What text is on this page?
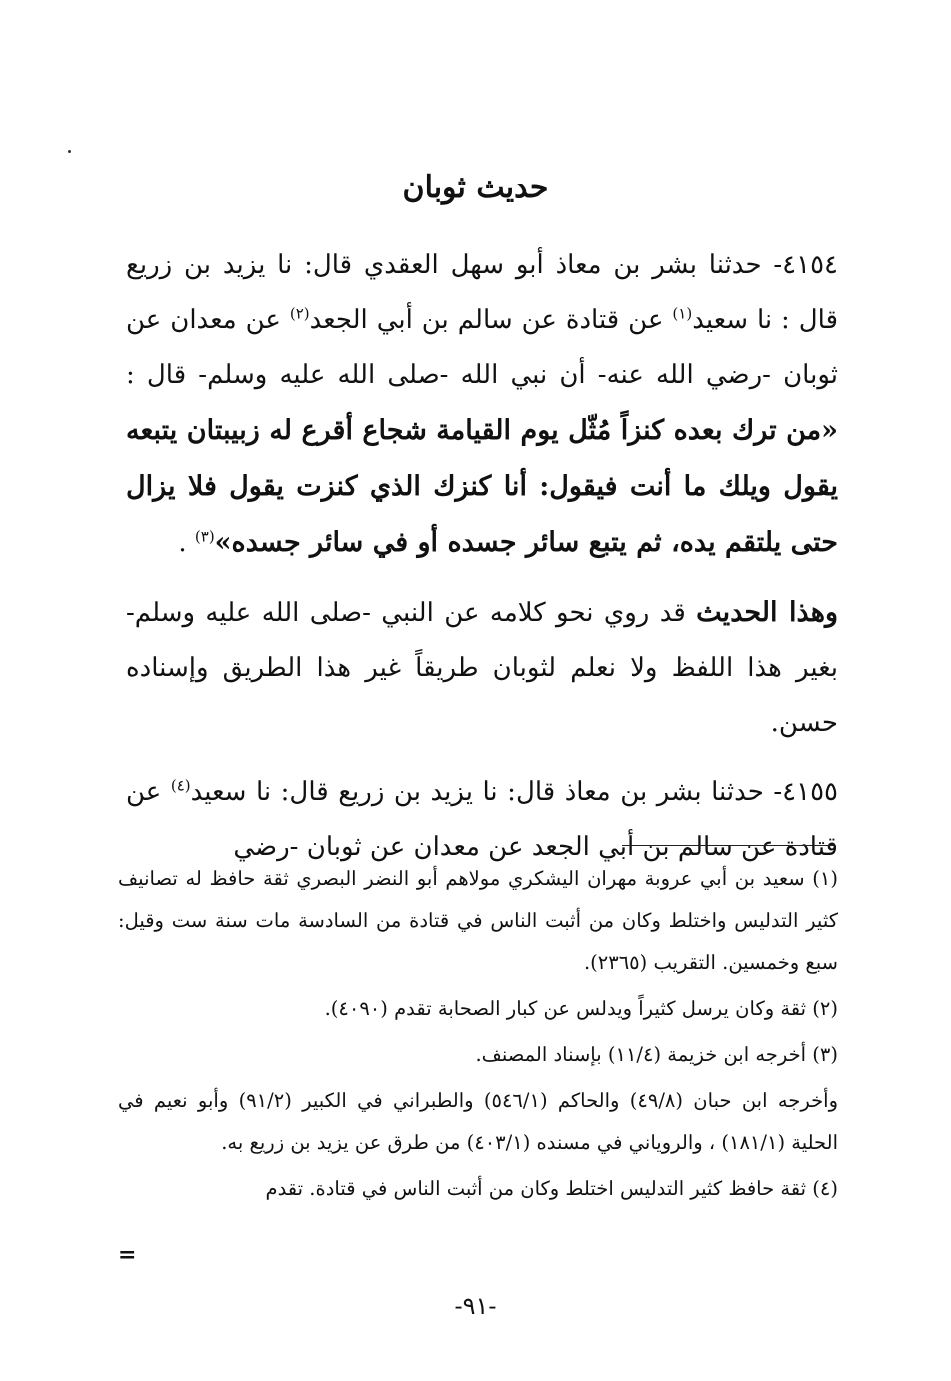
حديث ثوبان

٤١٥٤- حدثنا بشر بن معاذ أبو سهل العقدي قال: نا يزيد بن زريع قال : نا سعيد$^{(١)}$ عن قتادة عن سالم بن أبي الجعد$^{(٢)}$ عن معدان عن ثوبان -رضي الله عنه- أن نبي الله -صلى الله عليه وسلم- قال : «من ترك بعده كنزاً مُثّل يوم القيامة شجاع أقرع له زبيبتان يتبعه يقول ويلك ما أنت فيقول: أنا كنزك الذي كنزت يقول فلا يزال حتى يلتقم يده، ثم يتبع سائر جسده أو في سائر جسده»$^{(٣)}$ .

وهذا الحديث قد روي نحو كلامه عن النبي -صلى الله عليه وسلم- بغير هذا اللفظ ولا نعلم لثوبان طريقاً غير هذا الطريق وإسناده حسن.

٤١٥٥- حدثنا بشر بن معاذ قال: نا يزيد بن زريع قال: نا سعيد$^{(٤)}$ عن قتادة عن سالم بن أبي الجعد عن معدان عن ثوبان -رضي

(١) سعيد بن أبي عروبة مهران اليشكري مولاهم أبو النضر البصري ثقة حافظ له تصانيف كثير التدليس واختلط وكان من أثبت الناس في قتادة من السادسة مات سنة ست وقيل: سبع وخمسين. التقريب (٢٣٦٥).

(٢) ثقة وكان يرسل كثيراً ويدلس عن كبار الصحابة تقدم (٤٠٩٠).

(٣) أخرجه ابن خزيمة (١١/٤) بإسناد المصنف.

وأخرجه ابن حبان (٤٩/٨) والحاكم (٥٤٦/١) والطبراني في الكبير (٩١/٢) وأبو نعيم في الحلية (١٨١/١) ، والروياني في مسنده (٤٠٣/١) من طرق عن يزيد بن زريع به.

(٤) ثقة حافظ كثير التدليس اختلط وكان من أثبت الناس في قتادة. تقدم

=
-٩١-
